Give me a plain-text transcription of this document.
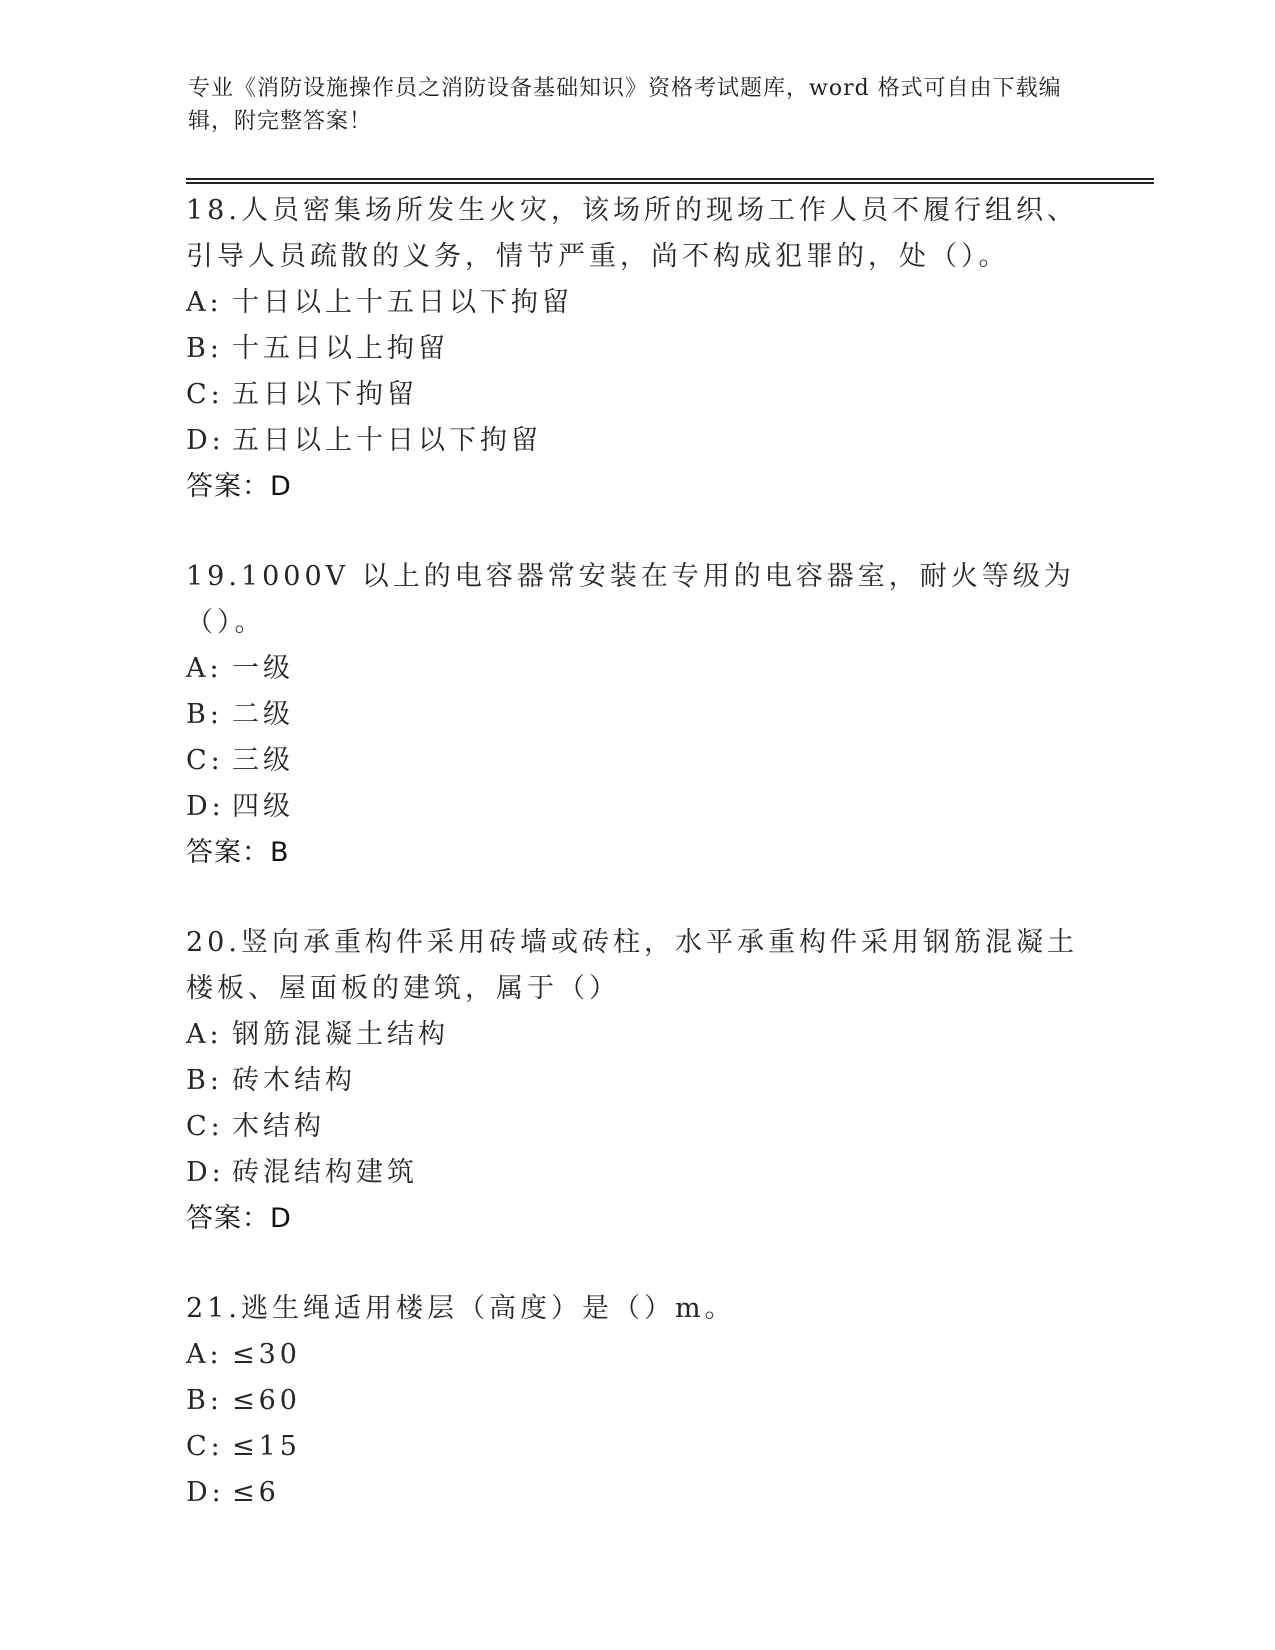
专业《消防设施操作员之消防设备基础知识》资格考试题库，word 格式可自由下载编辑，附完整答案！

18.人员密集场所发生火灾，该场所的现场工作人员不履行组织、引导人员疏散的义务，情节严重，尚不构成犯罪的，处（）。

A: 十日以上十五日以下拘留
B: 十五日以上拘留
C: 五日以下拘留
D: 五日以上十日以下拘留
答案：D

19.1000V 以上的电容器常安装在专用的电容器室，耐火等级为（）。

A: 一级
B: 二级
C: 三级
D: 四级
答案：B

20.竖向承重构件采用砖墙或砖柱，水平承重构件采用钢筋混凝土楼板、屋面板的建筑，属于（）

A: 钢筋混凝土结构
B: 砖木结构
C: 木结构
D: 砖混结构建筑
答案：D

21.逃生绳适用楼层（高度）是（）m。

A: ≤30
B: ≤60
C: ≤15
D: ≤6
